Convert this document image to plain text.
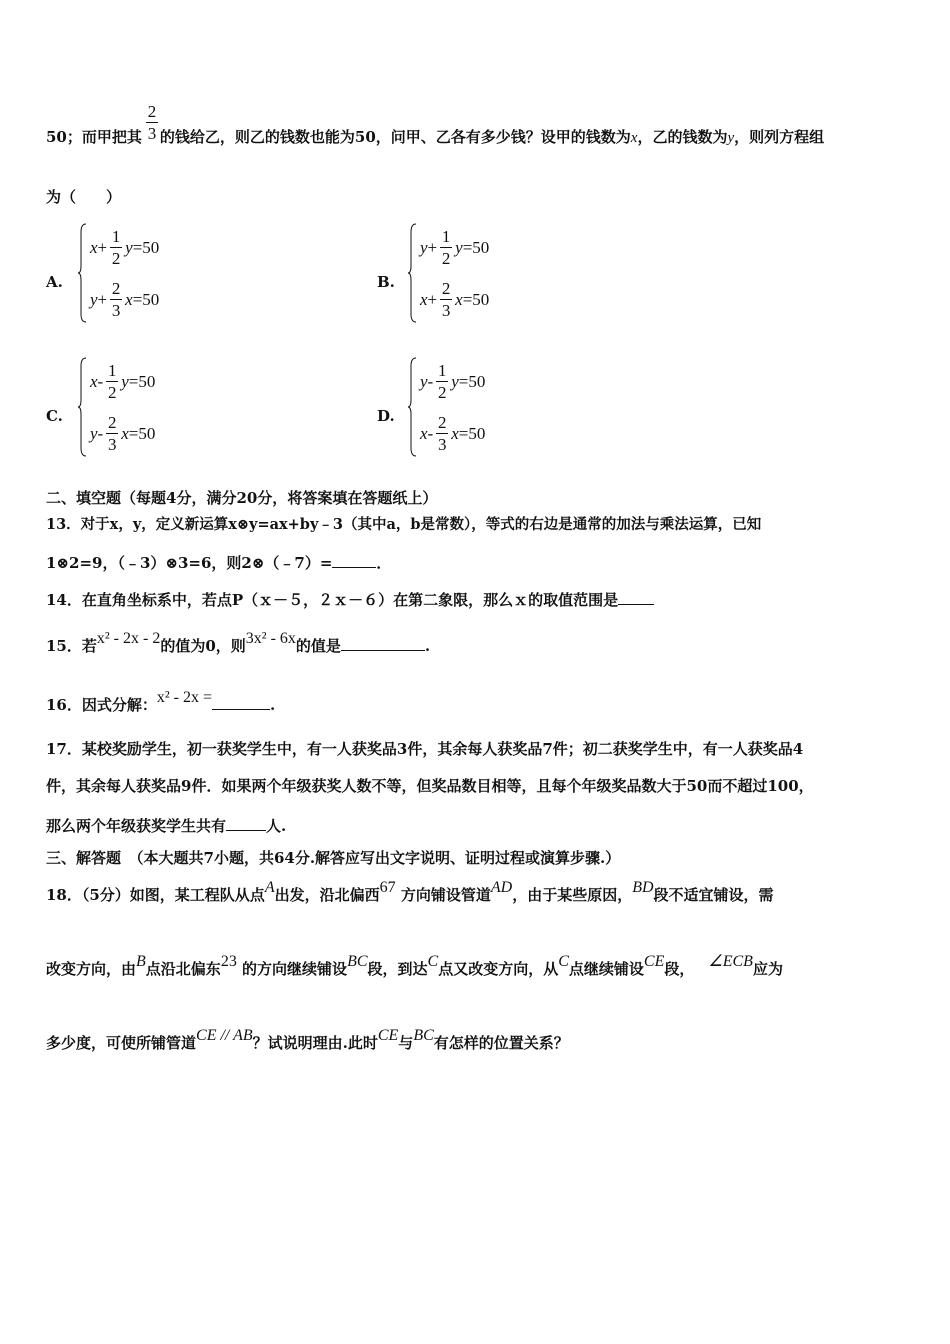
2
3
50；而甲把其 的钱给乙，则乙的钱数也能为50，问甲、乙各有多少钱？设甲的钱数为x，乙的钱数为y，则列方程组
为（　　）
A.
x +
1
2
y =50
y +
2
3
x =50
B.
y +
1
2
y =50
x +
2
3
x =50
C.
x -
1
2
y =50
y -
2
3
x =50
D.
y -
1
2
y =50
x -
2
3
x =50
二、填空题（每题4分，满分20分，将答案填在答题纸上）
13．对于x，y，定义新运算x⊗y=ax+by﹣3（其中a，b是常数），等式的右边是通常的加法与乘法运算，已知
1⊗2=9，（﹣3）⊗3=6，则2⊗（﹣7）=	．
14．在直角坐标系中，若点P（ｘ－５，２ｘ－６）在第二象限，那么ｘ的取值范围是
15．若x² - 2x - 2的值为0，则3x² - 6x的值是	.
16．因式分解：x² - 2x =	.
17．某校奖励学生，初一获奖学生中，有一人获奖品3件，其余每人获奖品7件；初二获奖学生中，有一人获奖品4
件，其余每人获奖品9件．如果两个年级获奖人数不等，但奖品数目相等，且每个年级奖品数大于50而不超过100，
那么两个年级获奖学生共有	人.
三、解答题　（本大题共7小题，共64分.解答应写出文字说明、证明过程或演算步骤.）
18．（5分）如图，某工程队从点A出发，沿北偏西67 方向铺设管道AD，由于某些原因，BD段不适宜铺设，需
改变方向，由B点沿北偏东23 的方向继续铺设BC段，到达C点又改变方向，从C点继续铺设CE段， ∠ECB应为
多少度，可使所铺管道CE // AB？试说明理由.此时CE与BC有怎样的位置关系？
